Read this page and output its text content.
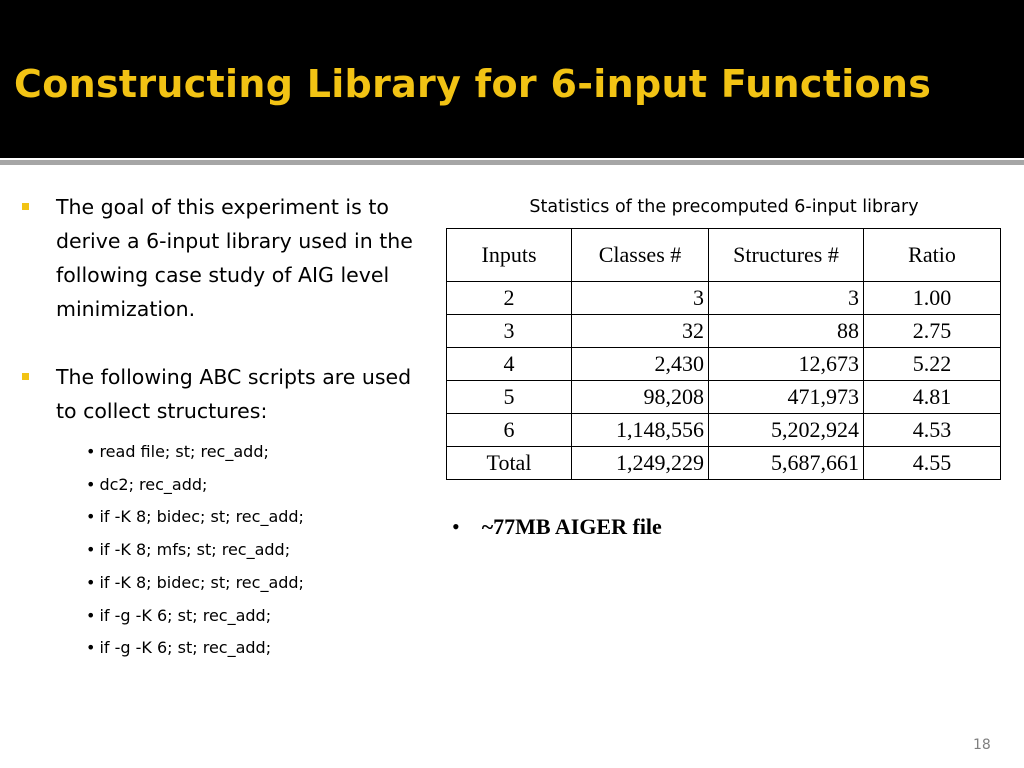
Constructing Library for 6-input Functions
The goal of this experiment is to derive a 6-input library used in the following case study of AIG level minimization.
The following ABC scripts are used to collect structures:
• read file; st; rec_add;
• dc2; rec_add;
• if -K 8; bidec; st; rec_add;
• if -K 8; mfs; st; rec_add;
• if -K 8; bidec; st; rec_add;
• if -g -K 6; st; rec_add;
• if -g -K 6; st; rec_add;
Statistics of the precomputed 6-input library
Inputs	Classes #	Structures #	Ratio
2	3	3	1.00
3	32	88	2.75
4	2,430	12,673	5.22
5	98,208	471,973	4.81
6	1,148,556	5,202,924	4.53
Total	1,249,229	5,687,661	4.55
• ~77MB AIGER file
18
